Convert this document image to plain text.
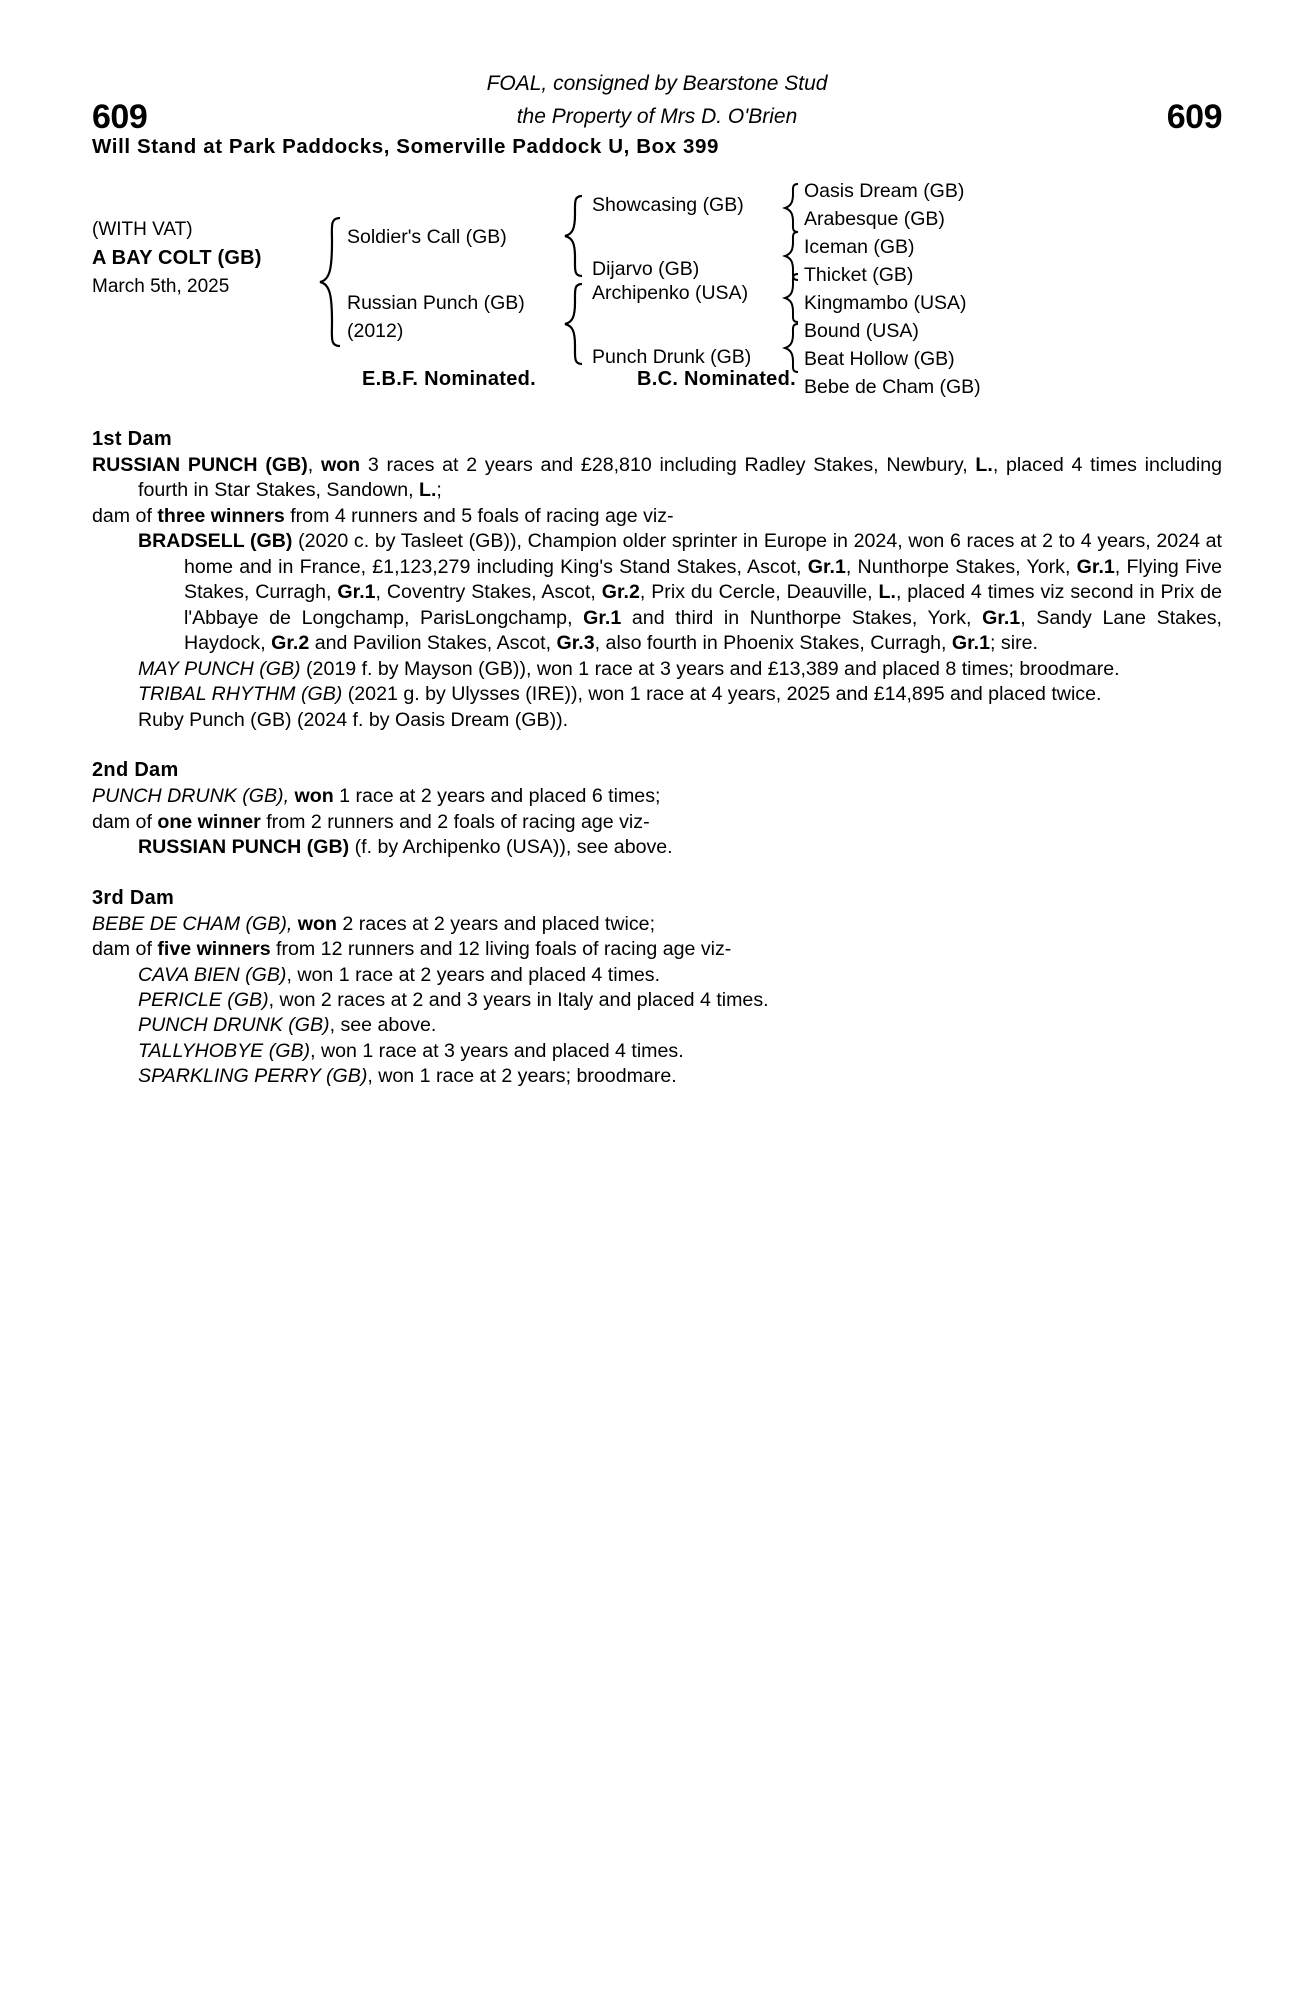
609	609
FOAL, consigned by Bearstone Stud
the Property of Mrs D. O'Brien
Will Stand at Park Paddocks, Somerville Paddock U, Box 399
(WITH VAT)
A BAY COLT (GB)
March 5th, 2025
Soldier's Call (GB)
Russian Punch (GB)
(2012)
Showcasing (GB)
Dijarvo (GB)
Archipenko (USA)
Punch Drunk (GB)
Oasis Dream (GB)
Arabesque (GB)
Iceman (GB)
Thicket (GB)
Kingmambo (USA)
Bound (USA)
Beat Hollow (GB)
Bebe de Cham (GB)
E.B.F. Nominated.	B.C. Nominated.
1st Dam

RUSSIAN PUNCH (GB), won 3 races at 2 years and £28,810 including Radley Stakes, Newbury, L., placed 4 times including fourth in Star Stakes, Sandown, L.;

dam of three winners from 4 runners and 5 foals of racing age viz-

BRADSELL (GB) (2020 c. by Tasleet (GB)), Champion older sprinter in Europe in 2024, won 6 races at 2 to 4 years, 2024 at home and in France, £1,123,279 including King's Stand Stakes, Ascot, Gr.1, Nunthorpe Stakes, York, Gr.1, Flying Five Stakes, Curragh, Gr.1, Coventry Stakes, Ascot, Gr.2, Prix du Cercle, Deauville, L., placed 4 times viz second in Prix de l'Abbaye de Longchamp, ParisLongchamp, Gr.1 and third in Nunthorpe Stakes, York, Gr.1, Sandy Lane Stakes, Haydock, Gr.2 and Pavilion Stakes, Ascot, Gr.3, also fourth in Phoenix Stakes, Curragh, Gr.1; sire.

MAY PUNCH (GB) (2019 f. by Mayson (GB)), won 1 race at 3 years and £13,389 and placed 8 times; broodmare.

TRIBAL RHYTHM (GB) (2021 g. by Ulysses (IRE)), won 1 race at 4 years, 2025 and £14,895 and placed twice.

Ruby Punch (GB) (2024 f. by Oasis Dream (GB)).

2nd Dam

PUNCH DRUNK (GB), won 1 race at 2 years and placed 6 times;

dam of one winner from 2 runners and 2 foals of racing age viz-

RUSSIAN PUNCH (GB) (f. by Archipenko (USA)), see above.

3rd Dam

BEBE DE CHAM (GB), won 2 races at 2 years and placed twice;

dam of five winners from 12 runners and 12 living foals of racing age viz-

CAVA BIEN (GB), won 1 race at 2 years and placed 4 times.

PERICLE (GB), won 2 races at 2 and 3 years in Italy and placed 4 times.

PUNCH DRUNK (GB), see above.

TALLYHOBYE (GB), won 1 race at 3 years and placed 4 times.

SPARKLING PERRY (GB), won 1 race at 2 years; broodmare.
